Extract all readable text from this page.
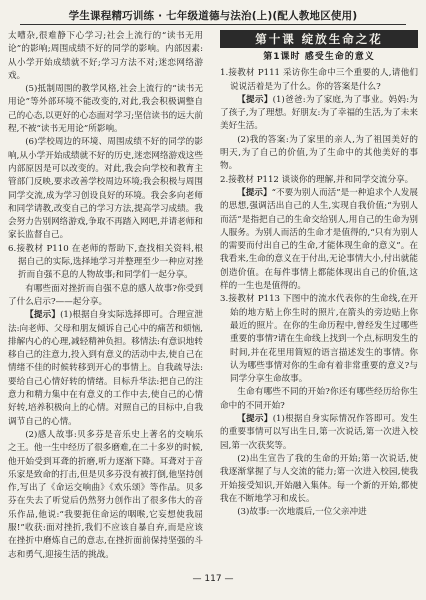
学生课程精巧训练 · 七年级道德与法治(上)(配人教地区使用)

太嘈杂,很难静下心学习;社会上流行的“读书无用论”的影响;周围成绩不好的同学的影响。内部因素:从小学开始成绩就不好;学习方法不对;迷恋网络游戏。

(5)抵制周围的教学风格,社会上流行的“读书无用论”等外部环境不能改变的,对此,我会积极调整自己的心态,以更好的心态面对学习;坚信读书的远大前程,不被“读书无用论”所影响。

(6)学校周边的环境、周围成绩不好的同学的影响,从小学开始成绩就不好的历史,迷恋网络游戏这些内部原因是可以改变的。对此,我会向学校和教育主管部门反映,要求改善学校周边环境;我会积极与周围同学交流,成为学习创设良好的环境。我会多向老师和同学请教,改变自己的学习方法,提高学习成绩。我会努力告别网络游戏,争取不再踏入网吧,并请老师和家长监督自己。

6.接教材 P110 在老师的帮助下,查找相关资料,根据自己的实际,选择地学习并整理至少一种应对挫折而自强不息的人物故事;和同学们一起分享。

有哪些面对挫折而自强不息的感人故事?你受到了什么启示?——起分享。

【提示】(1)根据自身实际选择即可。合理宣泄法:向老师、父母和朋友倾诉自己心中的痛苦和烦恼,排解内心的心理,减轻精神负担。移情法:有意识地转移自己的注意力,投入到有意义的活动中去,使自己在情绪不佳的时候转移到开心的事情上。自我疏导法:要给自己心情好转的情绪。目标升华法:把自己的注意力和精力集中在有意义的工作中去,使自己的心情好转,培养积极向上的心情。对照自己的目标中,自我调节自己的心情。

(2)感人故事:贝多芬是音乐史上著名的交响乐之王。他一生中经历了很多磨难,在二十多岁的时候,他开始受到耳聋的折磨,听力逐渐下降。耳聋对于音乐家是致命的打击,但是贝多芬没有被打倒,他坚持创作,写出了《命运交响曲》《欢乐颂》等作品。贝多芬在失去了听觉后仍然努力创作出了很多伟大的音乐作品,他说:“我要扼住命运的咽喉,它妄想使我屈服!”收获:面对挫折,我们不应该自暴自弃,而是应该在挫折中磨炼自己的意志,在挫折面前保持坚强的斗志和勇气,迎接生活的挑战。

第十课 绽放生命之花
第1课时 感受生命的意义

1.接教材 P111 采访你生命中三个重要的人,请他们说说活着是为了什么。你的答案是什么?

【提示】(1)爸爸:为了家庭,为了事业。妈妈:为了孩子,为了理想。好朋友:为了幸福的生活,为了未来美好生活。

(2)我的答案:为了家里的亲人,为了祖国美好的明天,为了自己的价值,为了生命中的其他美好的事物。

2.接教材 P112 谈谈你的理解,并和同学交流分享。

【提示】“不要为别人而活”是一种追求个人发展的思想,强调活出自己的人生,实现自我价值;“为别人而活”是指把自己的生命交给别人,用自己的生命为别人服务。为别人而活的生命才是值得的,“只有为别人的需要而付出自己的生命,才能体现生命的意义”。在我看来,生命的意义在于付出,无论事情大小,付出就能创造价值。在每件事情上都能体现出自己的价值,这样的一生也是值得的。

3.接教材 P113 下图中的流水代表你的生命线,在开始的地方贴上你生时的照片,在箭头的旁边贴上你最近的照片。在你的生命历程中,曾经发生过哪些重要的事情?请在生命线上找到一个点,标明发生的时间,并在花里用简短的语言描述发生的事情。你认为哪些事情对你的生命有着非常重要的意义?与同学分享生命故事。

生命有哪些不同的开始?你还有哪些经历给你生命中的不同开始?

【提示】(1)根据自身实际情况作答即可。发生的重要事情可以写出生日,第一次说话,第一次进入校园,第一次获奖等。

(2)出生宣告了我的生命的开始;第一次说话,使我逐渐掌握了与人交流的能力;第一次进入校园,使我开始接受知识,开始融入集体。每一个新的开始,都使我在不断地学习和成长。

(3)故事:一次地震后,一位父亲冲进

— 117 —
